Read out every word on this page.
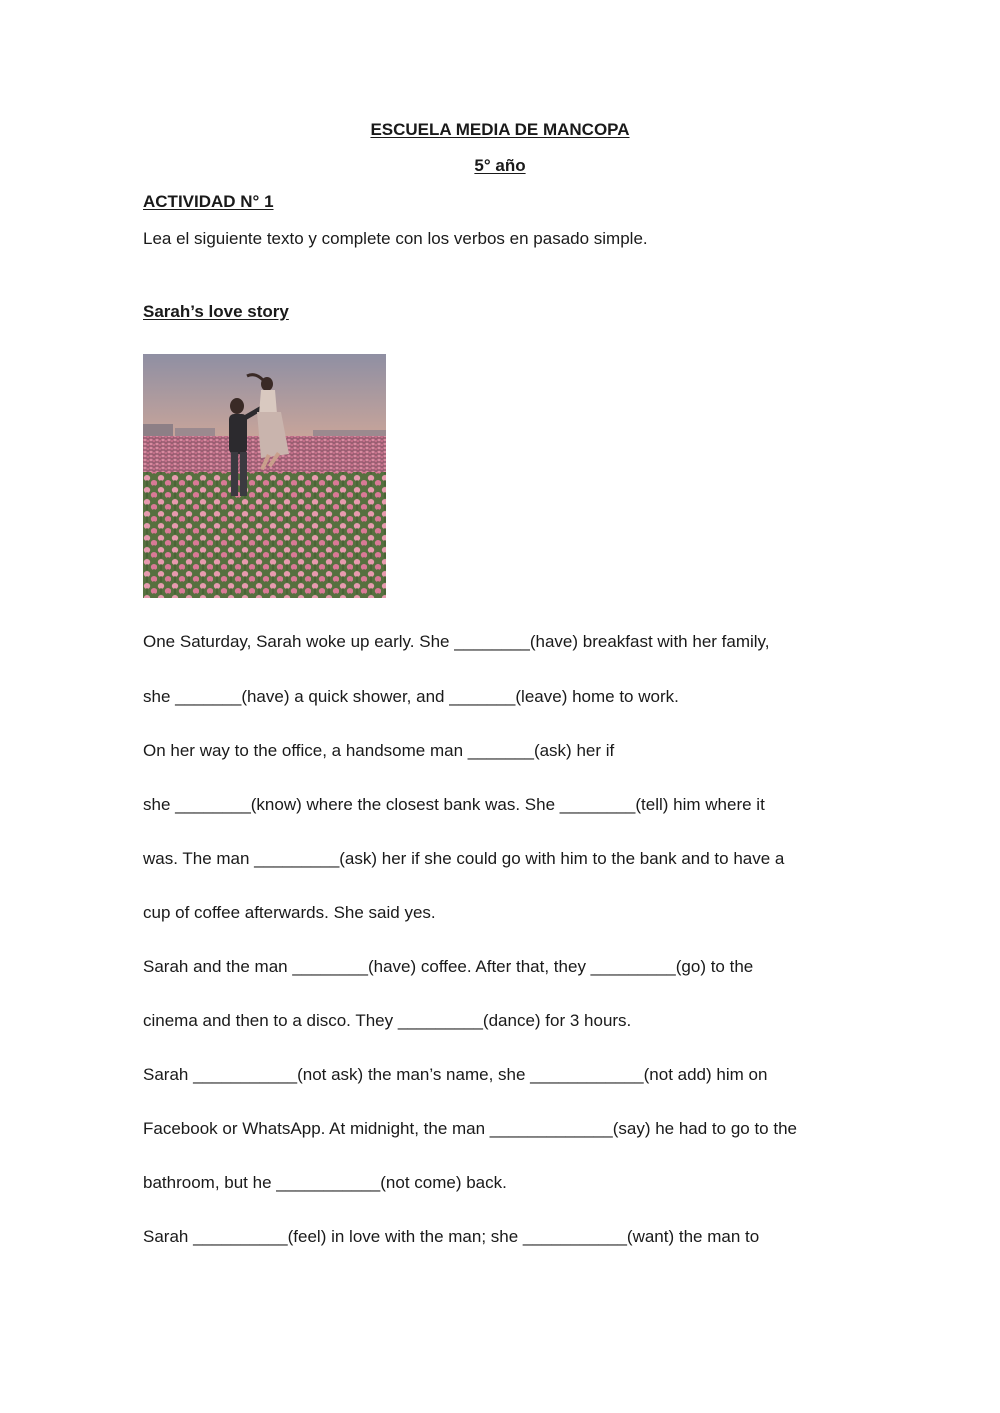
ESCUELA MEDIA DE MANCOPA
5° año
ACTIVIDAD N° 1
Lea el siguiente texto y complete con los verbos en pasado simple.
Sarah’s love story
One Saturday, Sarah woke up early. She ________(have) breakfast with her family,
she _______(have) a quick shower, and _______(leave) home to work.
On her way to the office, a handsome man _______(ask) her if
she ________(know) where the closest bank was. She ________(tell) him where it
was. The man _________(ask) her if she could go with him to the bank and to have a
cup of coffee afterwards. She said yes.
Sarah and the man ________(have) coffee. After that, they _________(go) to the
cinema and then to a disco. They _________(dance) for 3 hours.
Sarah ___________(not ask) the man’s name, she ____________(not add) him on
Facebook or WhatsApp. At midnight, the man _____________(say) he had to go to the
bathroom, but he ___________(not come) back.
Sarah __________(feel) in love with the man; she ___________(want) the man to
